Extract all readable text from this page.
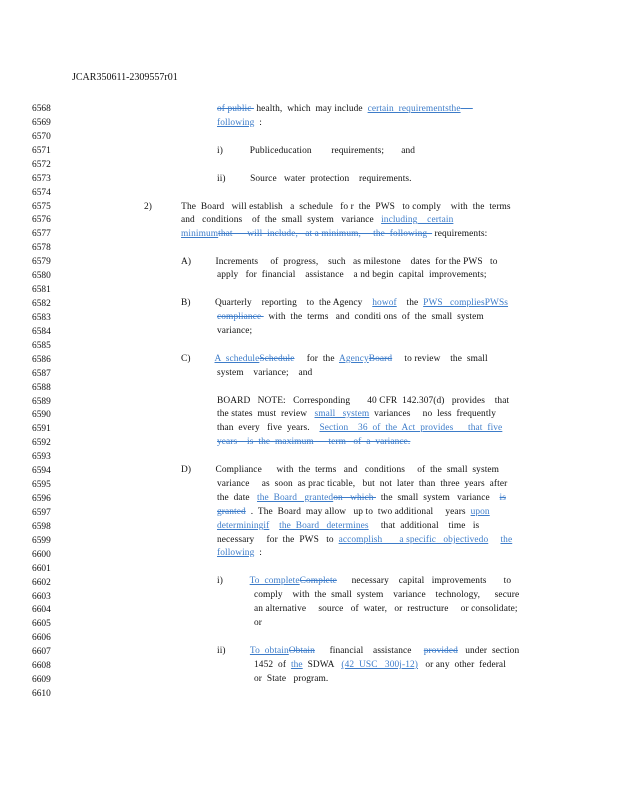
JCAR350611-2309557r01
6568
6569
6570
6571
6572
6573
6574
6575
6576
6577
6578
6579
6580
6581
6582
6583
6584
6585
6586
6587
6588
6589
6590
6591
6592
6593
6594
6595
6596
6597
6598
6599
6600
6601
6602
6603
6604
6605
6606
6607
6608
6609
6610
of public  health,  which  may include  certain  requirementsthe
following  :
i)           Publiceducation        requirements;       and
ii)          Source   water  protection    requirements.
2)            The  Board   will establish   a  schedule   fo r  the  PWS   to comply    with  the  terms
and   conditions    of  the  small  system   variance   including    certain
minimumthat      will  include,   at a minimum,     the  following   requirements:
A)          Increments     of  progress,    such   as milestone    dates  for the PWS   to
apply   for  financial    assistance    a nd begin  capital  improvements;
B)          Quarterly    reporting    to  the Agency    howof    the  PWS   compliesPWSs
compliance   with  the  terms   and  conditi ons  of  the  small  system
variance;
C)          A  scheduleSchedule     for  the  AgencyBoard     to review    the  small
system    variance;    and
BOARD   NOTE:   Corresponding       40 CFR  142.307(d)   provides    that
the states  must  review   small   system  variances     no  less  frequently
than  every   five  years.    Section    36  of  the  Act  provides      that  five
years    is  the  maximum      term   of  a  variance.
D)          Compliance      with  the  terms   and   conditions     of  the  small  system
variance     as  soon  as prac ticable,   but  not  later  than  three  years  after
the  date   the  Board   grantedon   which   the  small  system   variance    is
granted  .  The  Board  may allow   up to  two additional     years  upon
determiningif the  Board   determines     that  additional    time   is
necessary     for  the  PWS   to  accomplish       a specific   objectivedo the
following  :
i)           To  completeComplete      necessary    capital   improvements       to
comply    with  the  small  system    variance    technology,      secure
an alternative     source   of  water,   or  restructure     or consolidate;
or
ii)          To  obtainObtain      financial    assistance     provided   under  section
1452  of  the  SDWA   (42  USC   300j-12)   or any  other  federal
or  State   program.
